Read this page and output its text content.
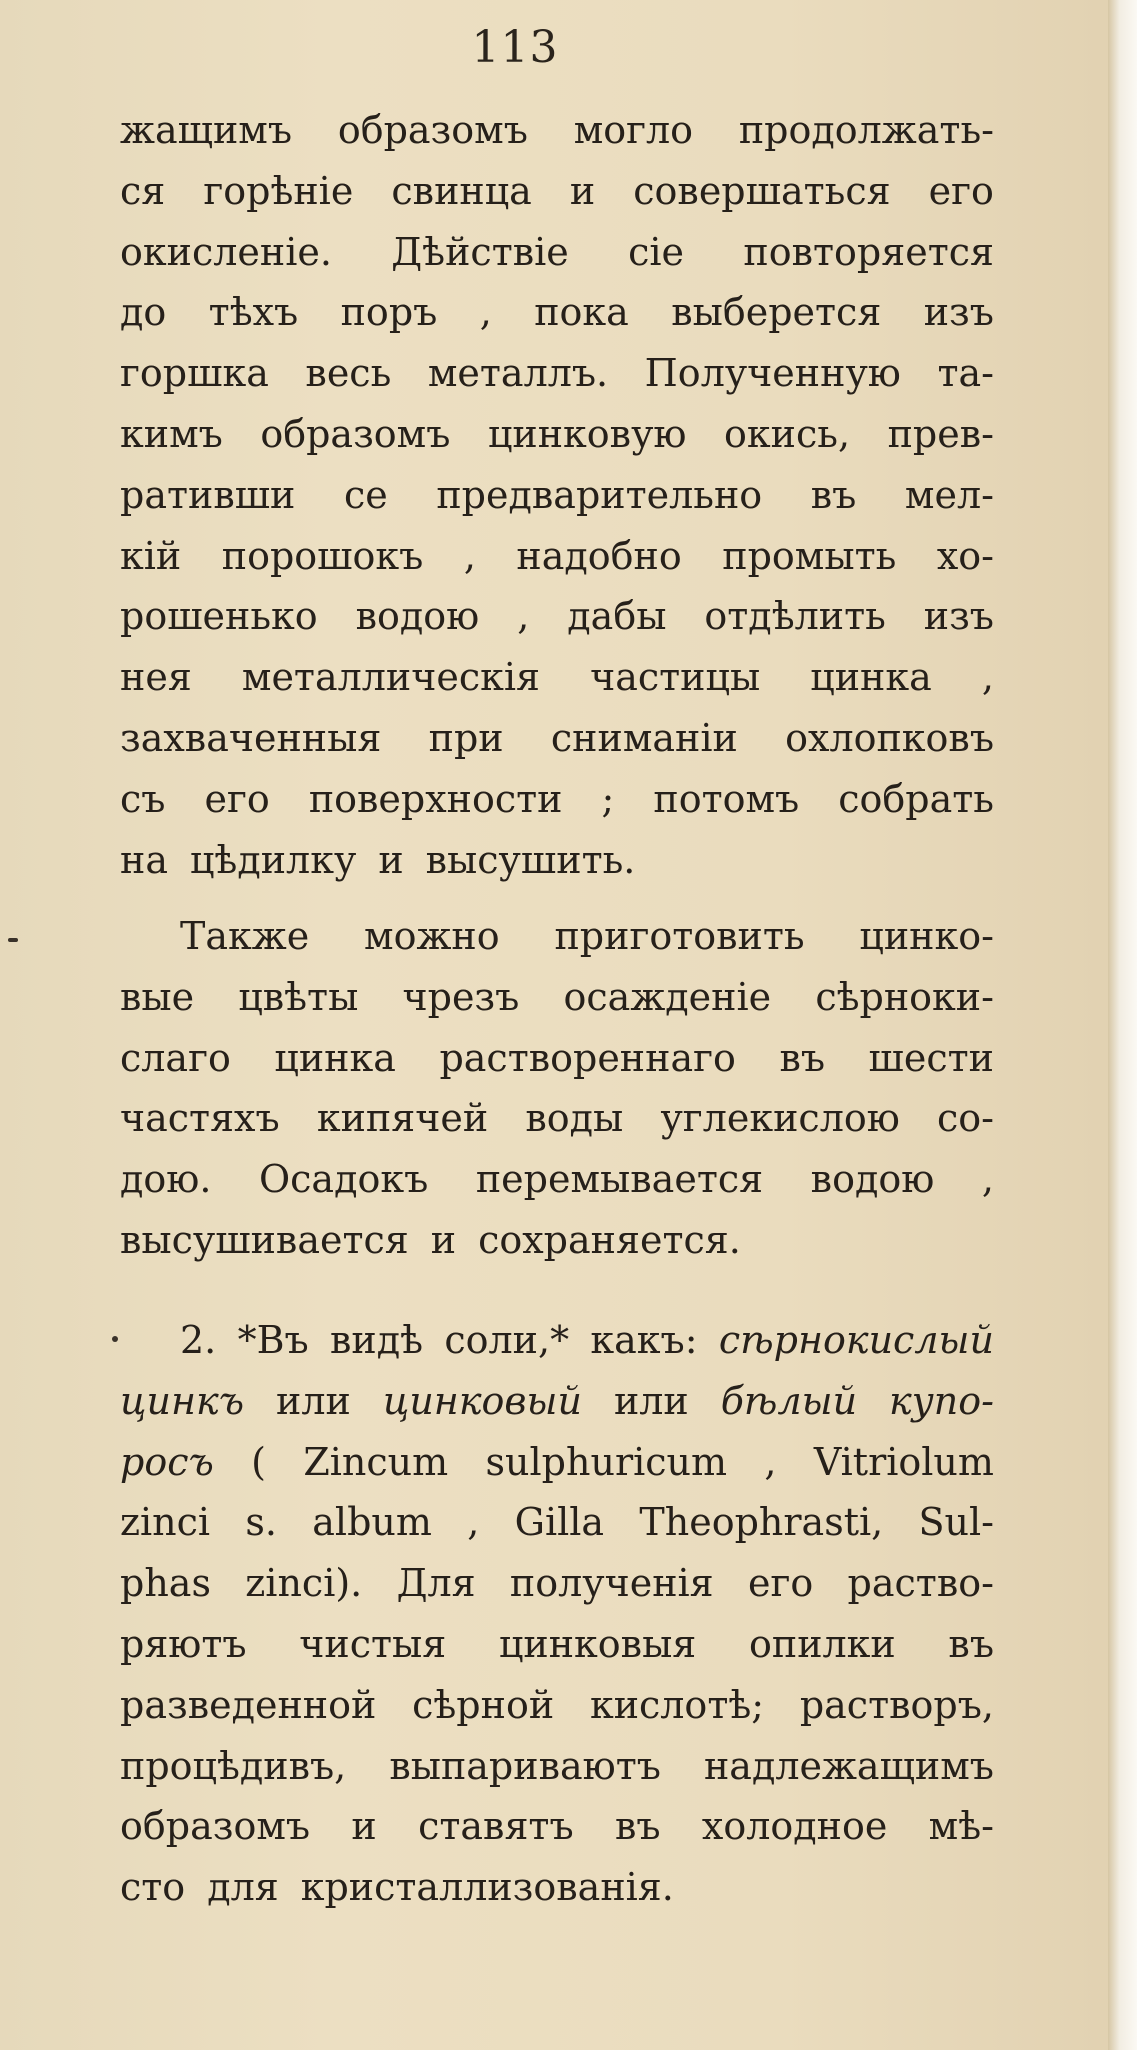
113
жащимъ образомъ могло продолжать-
ся горѣніе свинца и совершаться его
окисленіе. Дѣйствіе сіе повторяется
до тѣхъ поръ , пока выберется изъ
горшка весь металлъ. Полученную та-
кимъ образомъ цинковую окись, прев-
ративши се предварительно въ мел-
кій порошокъ , надобно промыть хо-
рошенько водою , дабы отдѣлить изъ
нея металлическія частицы цинка ,
захваченныя при сниманіи охлопковъ
съ его поверхности ; потомъ собрать
на цѣдилку и высушить.
Также можно приготовить цинко-
вые цвѣты чрезъ осажденіе сѣрноки-
слаго цинка раствореннаго въ шести
частяхъ кипячей воды углекислою со-
дою. Осадокъ перемывается водою ,
высушивается и сохраняется.
2. *Въ видѣ соли,* какъ: сѣрнокислый
цинкъ или цинковый или бѣлый купо-
росъ ( Zincum sulphuricum , Vitriolum
zinci s. album , Gilla Theophrasti, Sul-
phas zinci). Для полученія его раство-
ряютъ чистыя цинковыя опилки въ
разведенной сѣрной кислотѣ; растворъ,
процѣдивъ, выпариваютъ надлежащимъ
образомъ и ставятъ въ холодное мѣ-
сто для кристаллизованія.
